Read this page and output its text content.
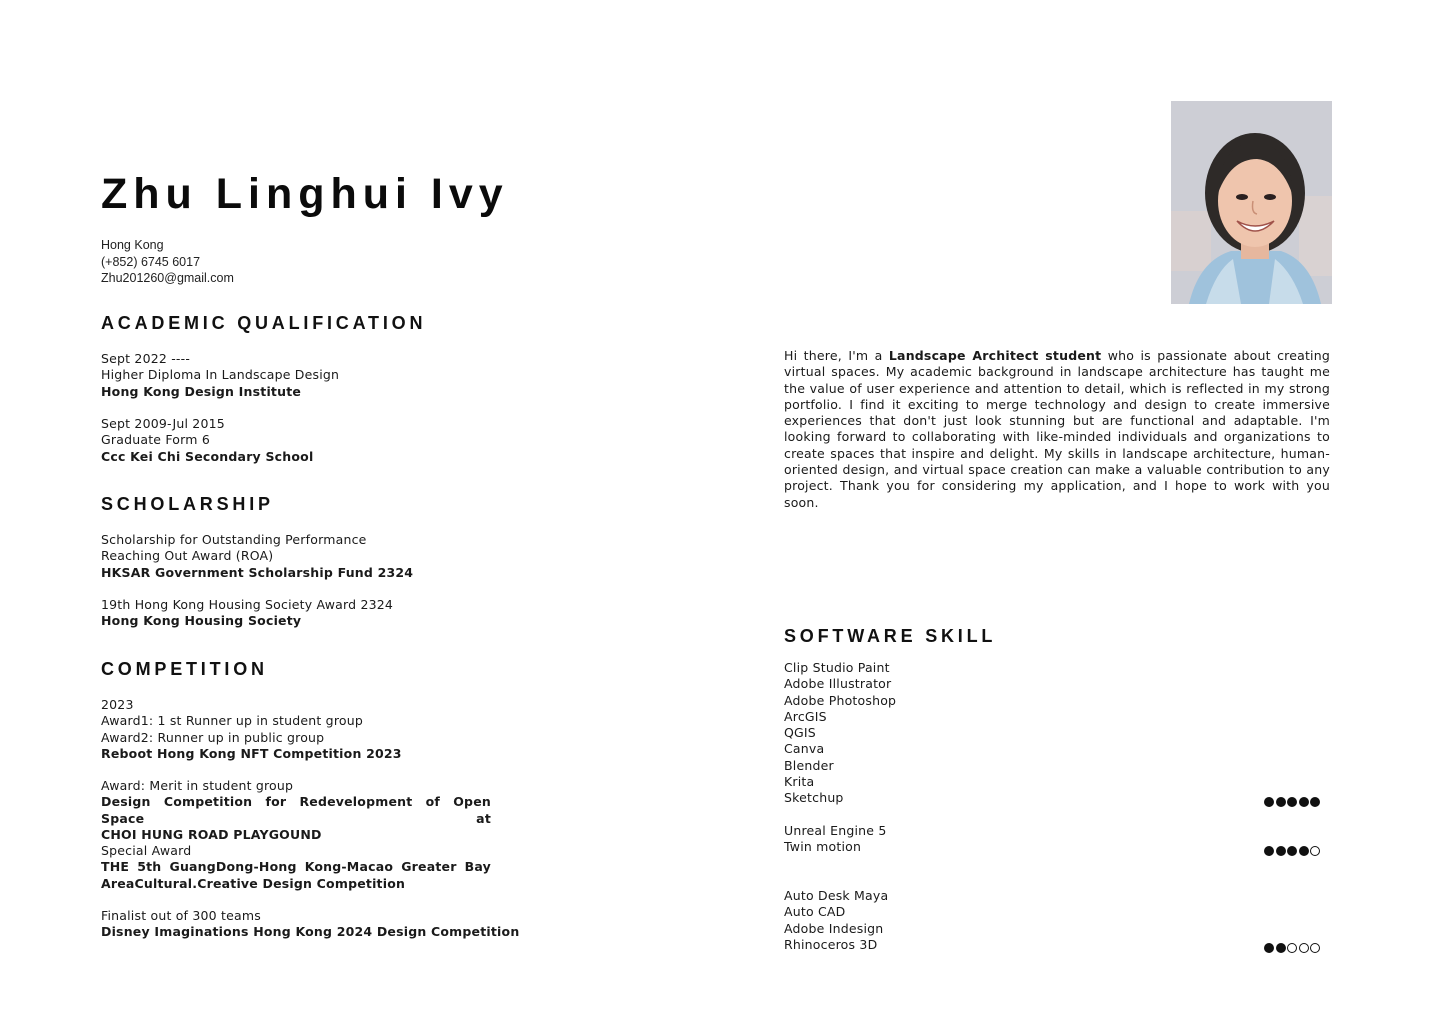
Zhu Linghui Ivy
Hong Kong
(+852) 6745 6017
Zhu201260@gmail.com
ACADEMIC QUALIFICATION
Sept 2022 ----
Higher Diploma In Landscape Design
Hong Kong Design Institute
Sept 2009-Jul 2015
Graduate Form 6
Ccc Kei Chi Secondary School
SCHOLARSHIP
Scholarship for Outstanding Performance
Reaching Out Award (ROA)
HKSAR Government Scholarship Fund 2324
19th Hong Kong Housing Society Award 2324
Hong Kong Housing Society
COMPETITION
2023
Award1: 1 st Runner up in student group
Award2: Runner up in public group
Reboot Hong Kong NFT Competition 2023
Award: Merit in student group
Design Competition for Redevelopment of Open Space at
CHOI HUNG ROAD PLAYGOUND
Special Award
THE 5th GuangDong-Hong Kong-Macao Greater Bay
AreaCultural.Creative Design Competition
Finalist out of 300 teams
Disney Imaginations Hong Kong 2024 Design Competition
Hi there, I'm a Landscape Architect student who is passionate about creating virtual spaces. My academic background in landscape architecture has taught me the value of user experience and attention to detail, which is reflected in my strong portfolio. I find it exciting to merge technology and design to create immersive experiences that don't just look stunning but are functional and adaptable. I'm looking forward to collaborating with like-minded individuals and organizations to create spaces that inspire and delight. My skills in landscape architecture, human-oriented design, and virtual space creation can make a valuable contribution to any project. Thank you for considering my application, and I hope to work with you soon.
SOFTWARE SKILL
Clip Studio Paint
Adobe Illustrator
Adobe Photoshop
ArcGIS
QGIS
Canva
Blender
Krita
Sketchup
Unreal Engine 5
Twin motion
Auto Desk Maya
Auto CAD
Adobe Indesign
Rhinoceros 3D
